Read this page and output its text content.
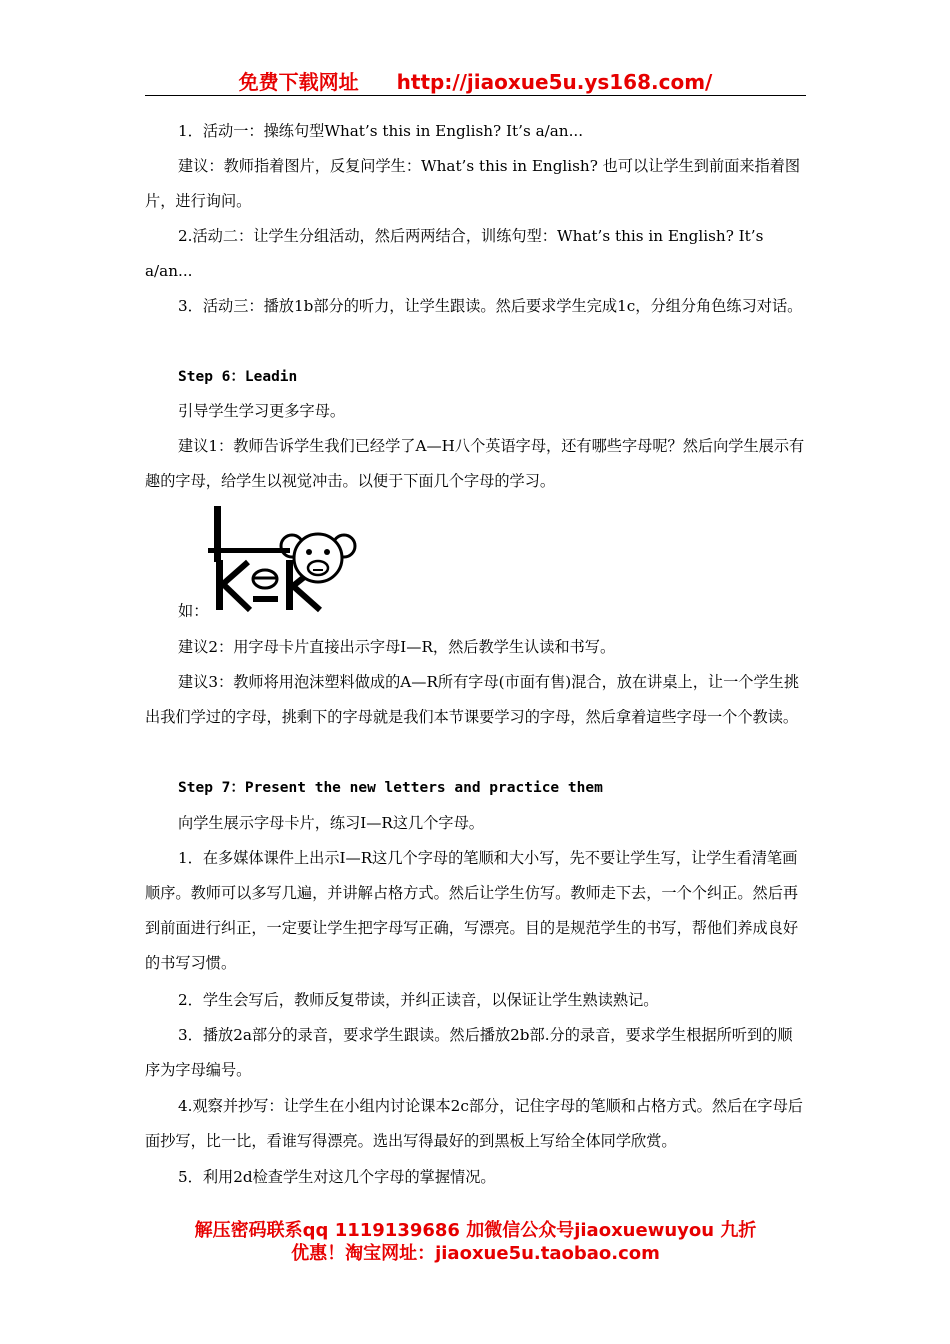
免费下载网址 http://jiaoxue5u.ys168.com/
1．活动一：操练句型What’s this in English? It’s a/an...
建议：教师指着图片，反复问学生：What’s this in English? 也可以让学生到前面来指着图片，进行询问。
2.活动二：让学生分组活动，然后两两结合，训练句型：What’s this in English? It’s a/an...
3．活动三：播放1b部分的听力，让学生跟读。然后要求学生完成1c，分组分角色练习对话。
Step 6：Leadin
引导学生学习更多字母。
建议1：教师告诉学生我们已经学了A—H八个英语字母，还有哪些字母呢？然后向学生展示有趣的字母，给学生以视觉冲击。以便于下面几个字母的学习。
如：
建议2：用字母卡片直接出示字母I—R，然后教学生认读和书写。
建议3：教师将用泡沫塑料做成的A—R所有字母(市面有售)混合，放在讲桌上，让一个学生挑出我们学过的字母，挑剩下的字母就是我们本节课要学习的字母，然后拿着這些字母一个个教读。
Step 7：Present the new letters and practice them
向学生展示字母卡片，练习I—R这几个字母。
1．在多媒体课件上出示I—R这几个字母的笔顺和大小写，先不要让学生写，让学生看清笔画顺序。教师可以多写几遍，并讲解占格方式。然后让学生仿写。教师走下去，一个个纠正。然后再到前面进行纠正，一定要让学生把字母写正确，写漂亮。目的是规范学生的书写，帮他们养成良好的书写习惯。
2．学生会写后，教师反复带读，并纠正读音，以保证让学生熟读熟记。
3．播放2a部分的录音，要求学生跟读。然后播放2b部.分的录音，要求学生根据所听到的顺序为字母编号。
4.观察并抄写：让学生在小组内讨论课本2c部分，记住字母的笔顺和占格方式。然后在字母后面抄写，比一比，看谁写得漂亮。选出写得最好的到黑板上写给全体同学欣赏。
5．利用2d检查学生对这几个字母的掌握情况。
解压密码联系qq 1119139686 加微信公众号jiaoxuewuyou 九折
优惠！淘宝网址：jiaoxue5u.taobao.com
